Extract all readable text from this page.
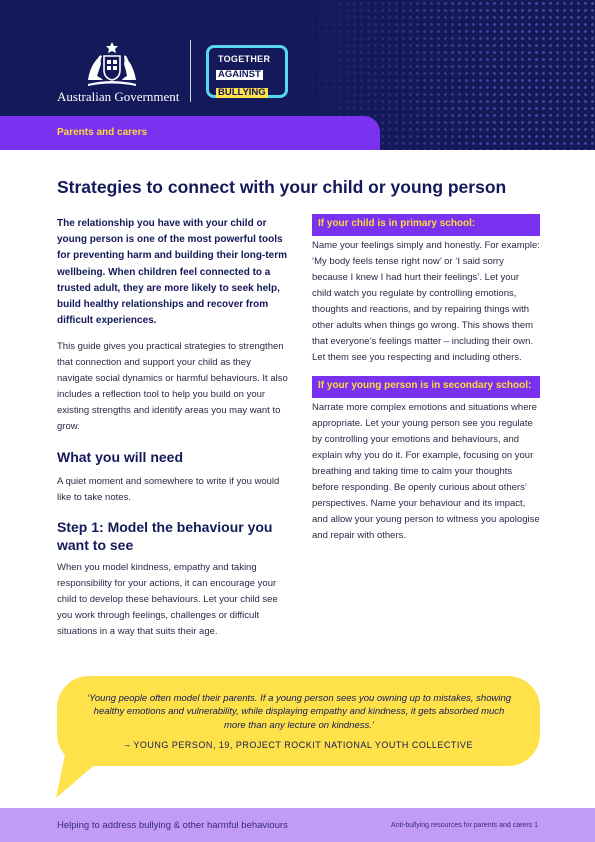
Australian Government
TOGETHER
AGAINST
BULLYING
Parents and carers
Strategies to connect with your child or young person

The relationship you have with your child or young person is one of the most powerful tools for preventing harm and building their long-term wellbeing. When children feel connected to a trusted adult, they are more likely to seek help, build healthy relationships and recover from difficult experiences.

This guide gives you practical strategies to strengthen that connection and support your child as they navigate social dynamics or harmful behaviours. It also includes a reflection tool to help you build on your existing strengths and identify areas you may want to grow.

What you will need

A quiet moment and somewhere to write if you would like to take notes.

Step 1: Model the behaviour you want to see

When you model kindness, empathy and taking responsibility for your actions, it can encourage your child to develop these behaviours. Let your child see you work through feelings, challenges or difficult situations in a way that suits their age.

If your child is in primary school:

Name your feelings simply and honestly. For example: ‘My body feels tense right now’ or ‘I said sorry because I knew I had hurt their feelings’. Let your child watch you regulate by controlling emotions, thoughts and reactions, and by repairing things with other adults when things go wrong. This shows them that everyone’s feelings matter – including their own. Let them see you respecting and including others.

If your young person is in secondary school:

Narrate more complex emotions and situations where appropriate. Let your young person see you regulate by controlling your emotions and behaviours, and explain why you do it. For example, focusing on your breathing and taking time to calm your thoughts before responding. Be openly curious about others’ perspectives. Name your behaviour and its impact, and allow your young person to witness you apologise and repair with others.

‘Young people often model their parents. If a young person sees you owning up to mistakes, showing healthy emotions and vulnerability, while displaying empathy and kindness, it gets absorbed much more than any lecture on kindness.’

– YOUNG PERSON, 19, PROJECT ROCKIT NATIONAL YOUTH COLLECTIVE

Helping to address bullying & other harmful behaviours	Anti-bullying resources for parents and carers 1
